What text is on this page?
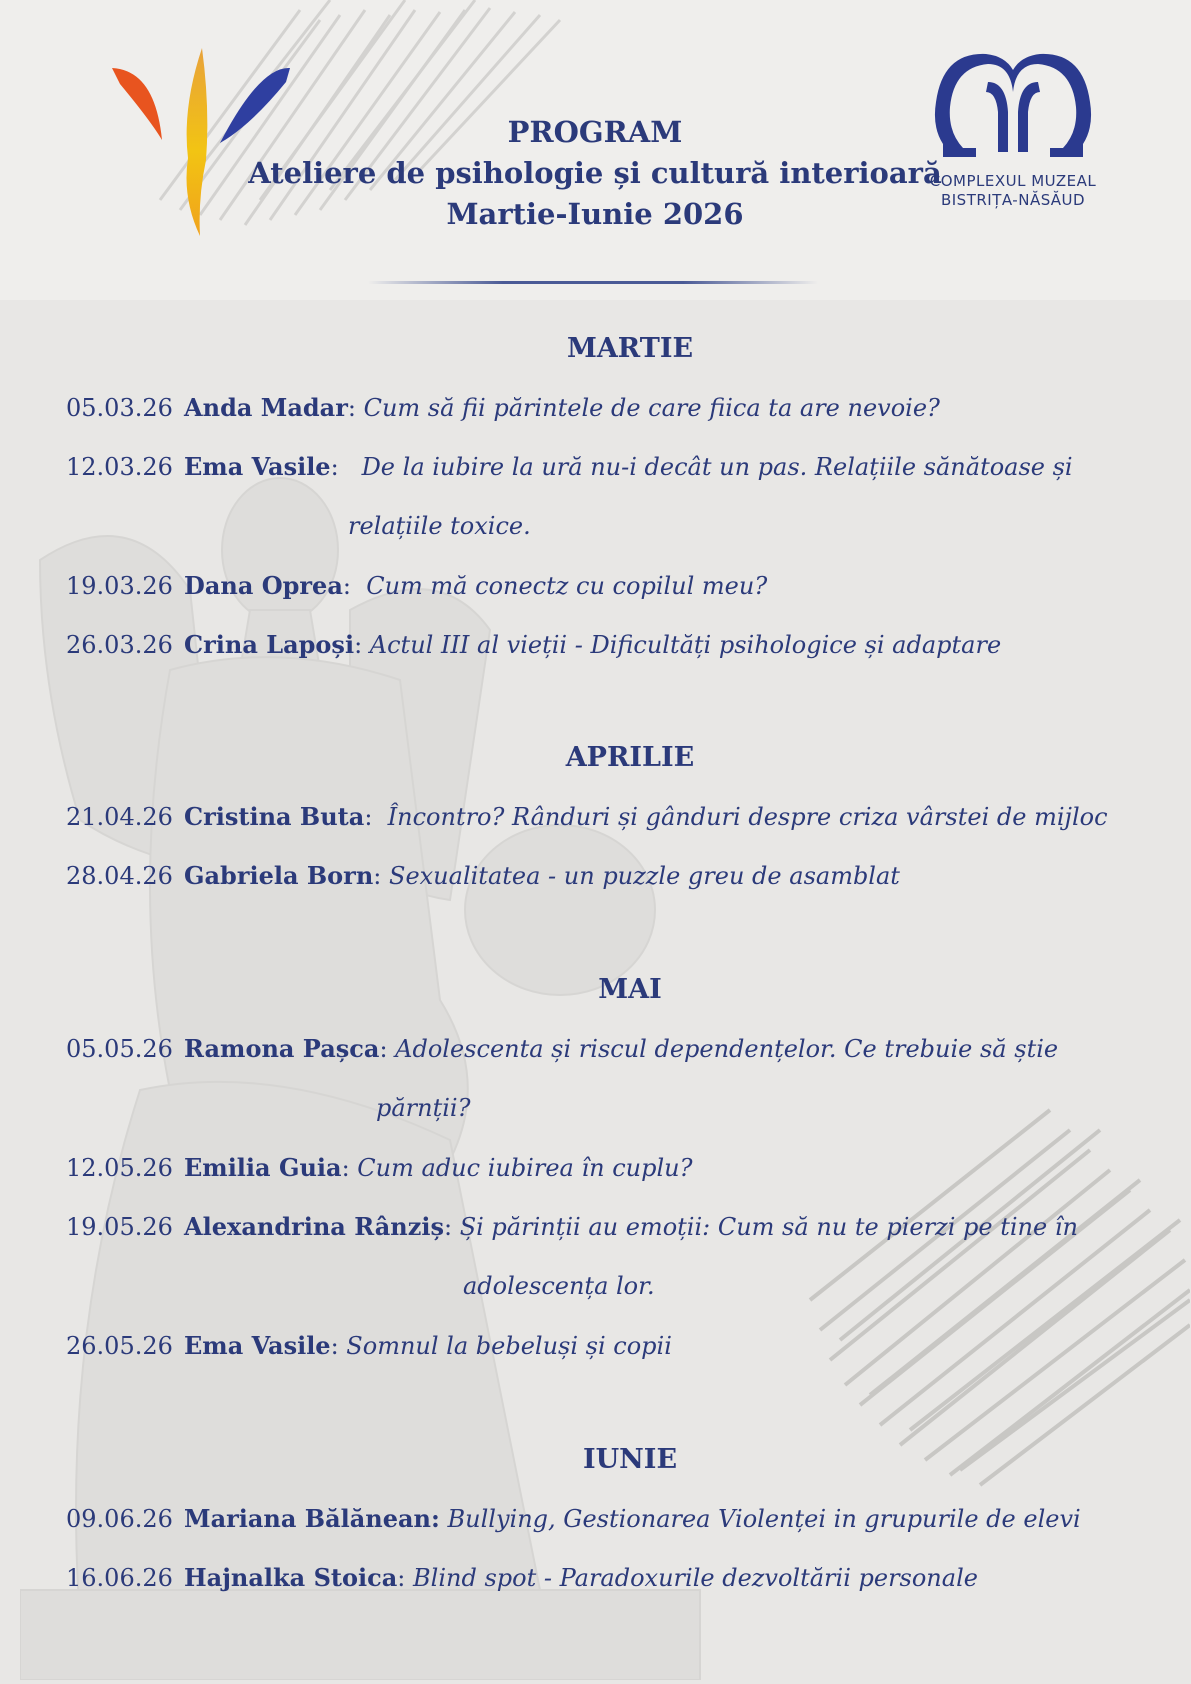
COMPLEXUL MUZEAL
BISTRIȚA-NĂSĂUD
PROGRAM
Ateliere de psihologie și cultură interioară
Martie-Iunie 2026
MARTIE
05.03.26 Anda Madar: Cum să fii părintele de care fiica ta are nevoie?
12.03.26 Ema Vasile:   De la iubire la ură nu-i decât un pas. Relațiile sănătoase și
relațiile toxice.
19.03.26 Dana Oprea:  Cum mă conectz cu copilul meu?
26.03.26 Crina Lapoși: Actul III al vieții - Dificultăți psihologice și adaptare
APRILIE
21.04.26 Cristina Buta:  Încontro? Rânduri și gânduri despre criza vârstei de mijloc
28.04.26 Gabriela Born: Sexualitatea - un puzzle greu de asamblat
MAI
05.05.26 Ramona Pașca: Adolescenta și riscul dependențelor. Ce trebuie să știe
părnții?
12.05.26 Emilia Guia: Cum aduc iubirea în cuplu?
19.05.26 Alexandrina Rânziș: Și părinții au emoții: Cum să nu te pierzi pe tine în
adolescența lor.
26.05.26 Ema Vasile: Somnul la bebeluși și copii
IUNIE
09.06.26 Mariana Bălănean: Bullying, Gestionarea Violenței in grupurile de elevi
16.06.26 Hajnalka Stoica: Blind spot - Paradoxurile dezvoltării personale
